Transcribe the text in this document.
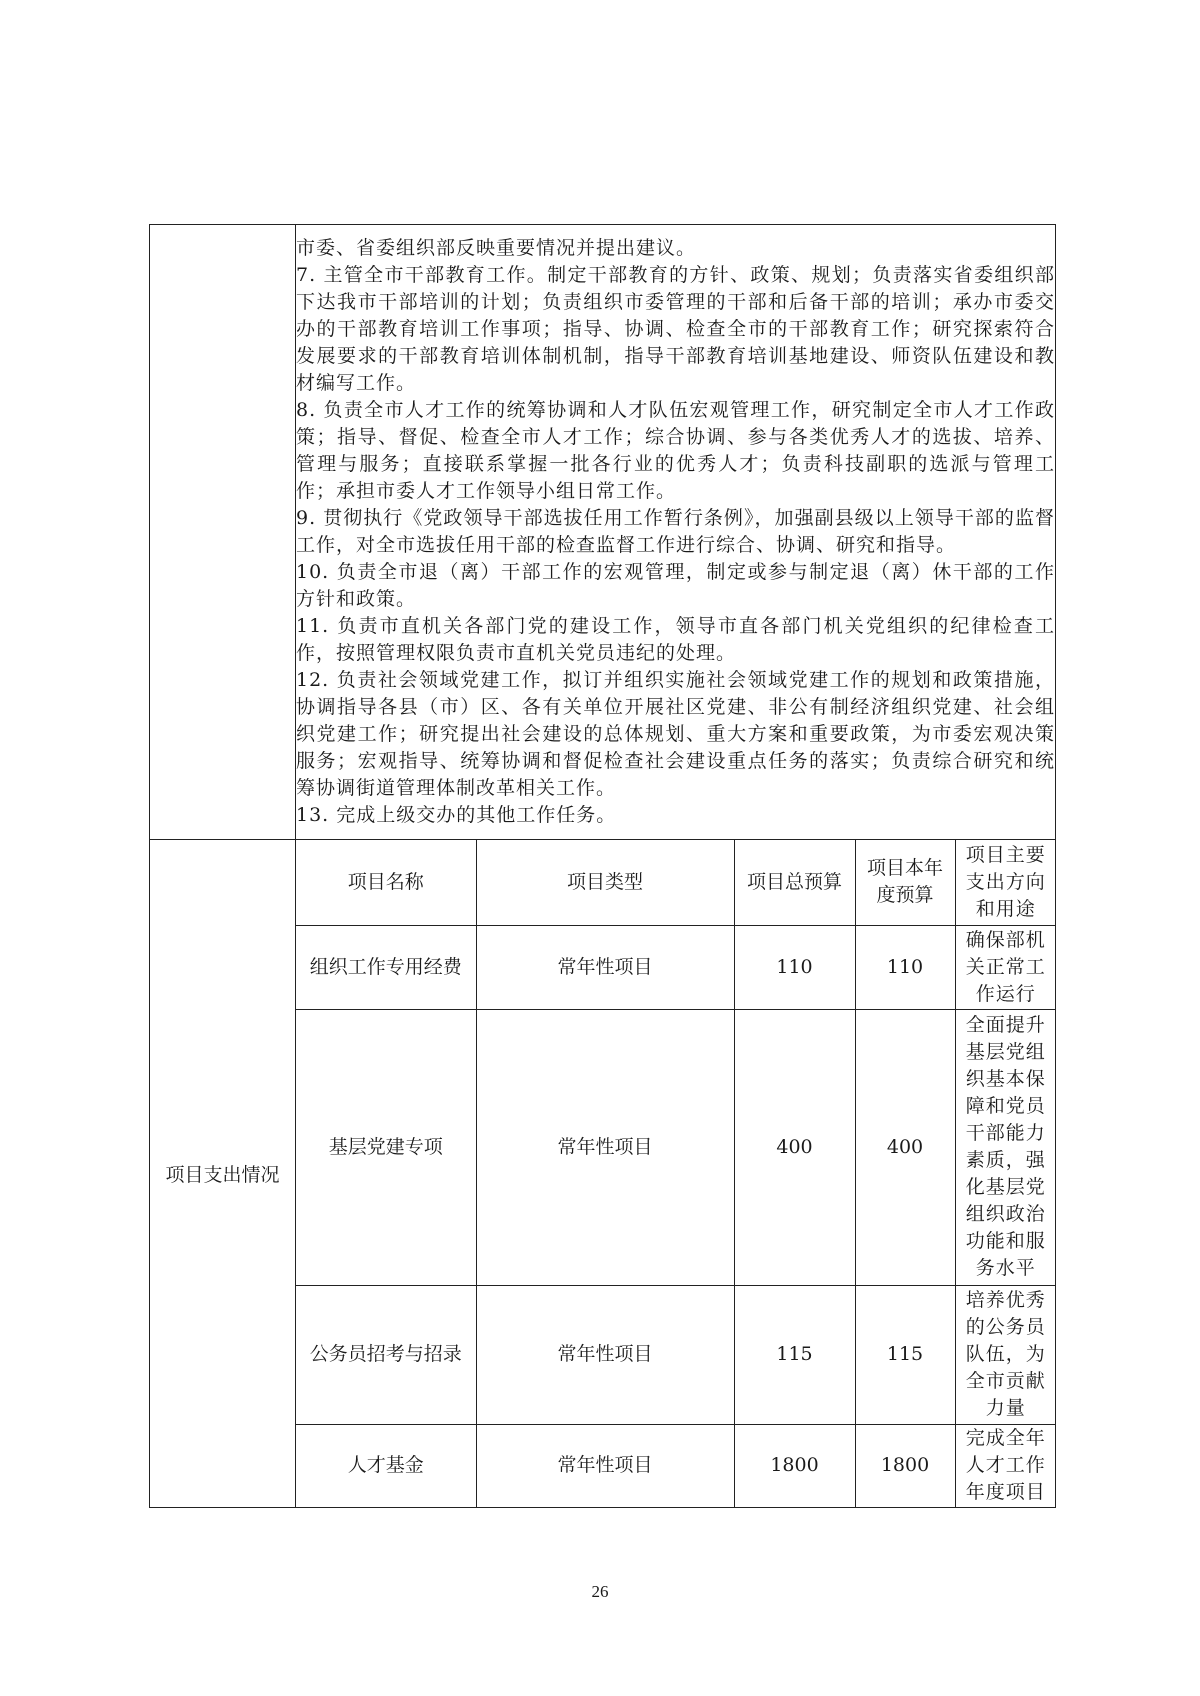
市委、省委组织部反映重要情况并提出建议。
7. 主管全市干部教育工作。制定干部教育的方针、政策、规划；负责落实省委组织部下达我市干部培训的计划；负责组织市委管理的干部和后备干部的培训；承办市委交办的干部教育培训工作事项；指导、协调、检查全市的干部教育工作；研究探索符合发展要求的干部教育培训体制机制，指导干部教育培训基地建设、师资队伍建设和教材编写工作。
8. 负责全市人才工作的统筹协调和人才队伍宏观管理工作，研究制定全市人才工作政策；指导、督促、检查全市人才工作；综合协调、参与各类优秀人才的选拔、培养、管理与服务；直接联系掌握一批各行业的优秀人才；负责科技副职的选派与管理工作；承担市委人才工作领导小组日常工作。
9. 贯彻执行《党政领导干部选拔任用工作暂行条例》，加强副县级以上领导干部的监督工作，对全市选拔任用干部的检查监督工作进行综合、协调、研究和指导。
10. 负责全市退（离）干部工作的宏观管理，制定或参与制定退（离）休干部的工作方针和政策。
11. 负责市直机关各部门党的建设工作，领导市直各部门机关党组织的纪律检查工作，按照管理权限负责市直机关党员违纪的处理。
12. 负责社会领域党建工作，拟订并组织实施社会领域党建工作的规划和政策措施，协调指导各县（市）区、各有关单位开展社区党建、非公有制经济组织党建、社会组织党建工作；研究提出社会建设的总体规划、重大方案和重要政策，为市委宏观决策服务；宏观指导、统筹协调和督促检查社会建设重点任务的落实；负责综合研究和统筹协调街道管理体制改革相关工作。
13. 完成上级交办的其他工作任务。

项目支出情况	
项目名称	项目类型	项目总预算	项目本年度预算	项目主要支出方向和用途
组织工作专用经费	常年性项目	110	110	确保部机关正常工作运行
基层党建专项	常年性项目	400	400	全面提升基层党组织基本保障和党员干部能力素质，强化基层党组织政治功能和服务水平
公务员招考与招录	常年性项目	115	115	培养优秀的公务员队伍，为全市贡献力量
人才基金	常年性项目	1800	1800	完成全年人才工作年度项目
26
